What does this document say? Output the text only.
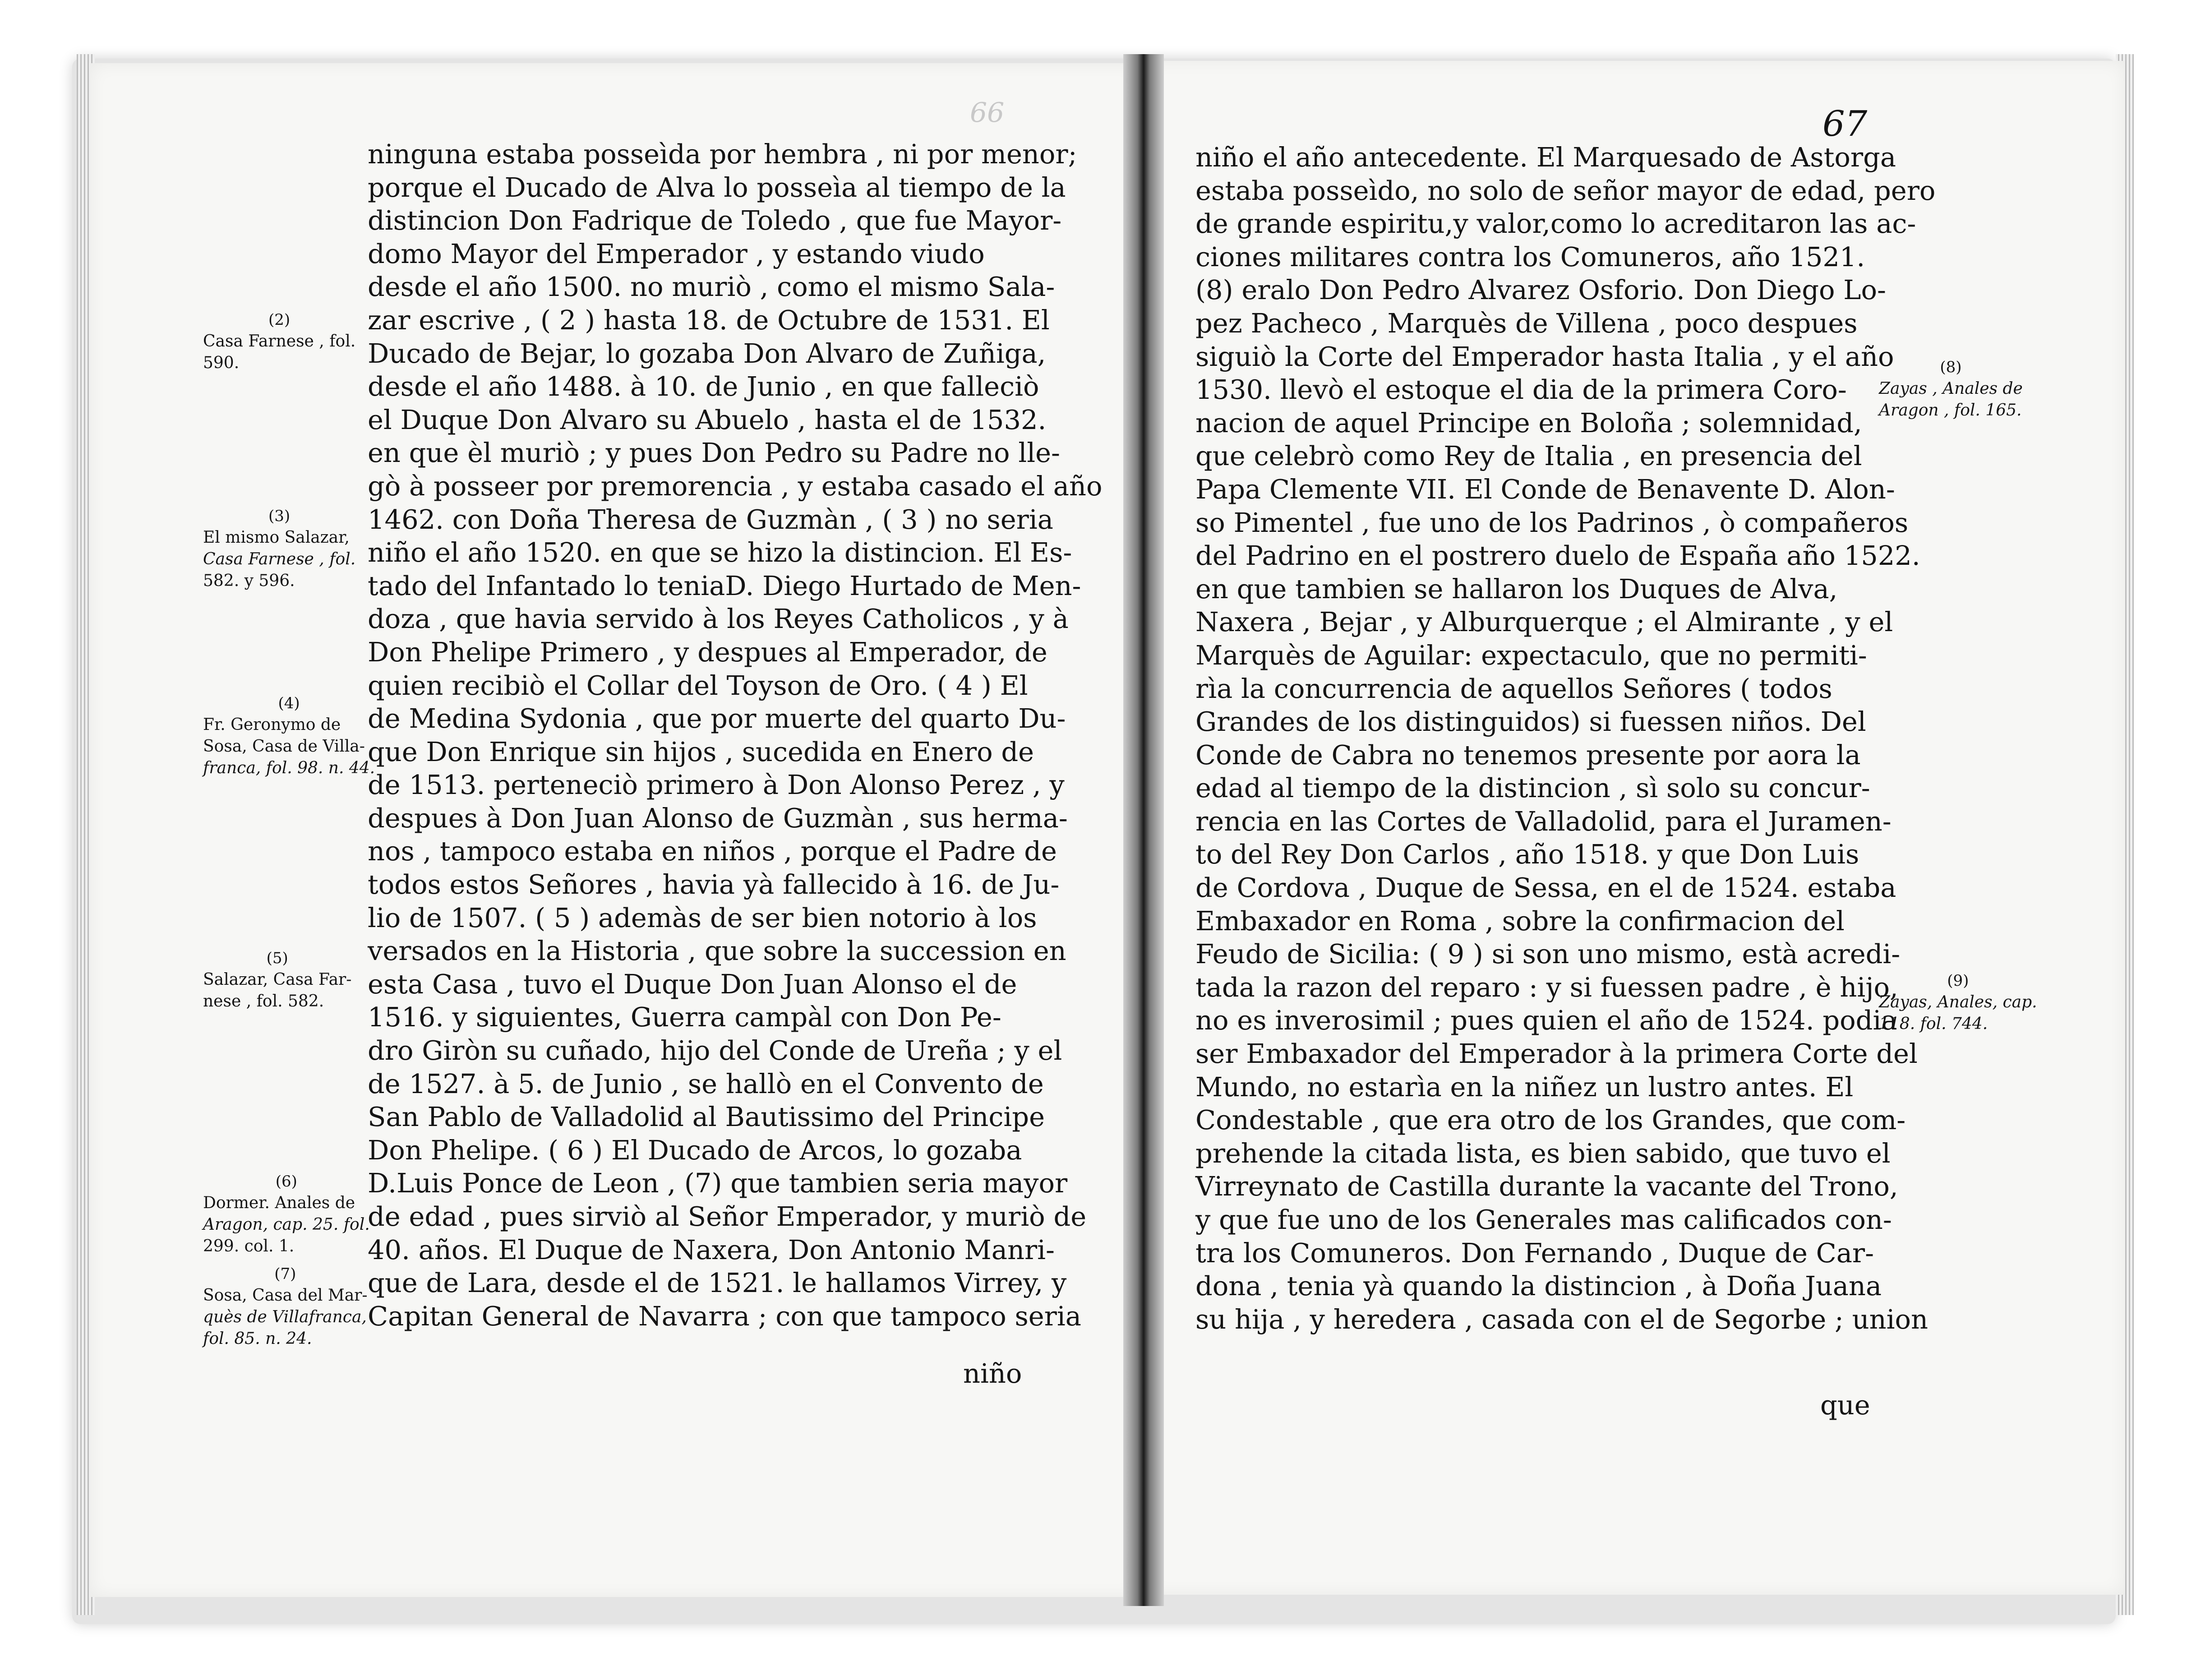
66
ninguna estaba posseìda por hembra , ni por menor;
porque el Ducado de Alva lo posseìa al tiempo de la
distincion Don Fadrique de Toledo , que fue Mayor-
domo Mayor del Emperador , y estando viudo
desde el año 1500. no muriò , como el mismo Sala-
zar escrive , ( 2 ) hasta 18. de Octubre de 1531. El
Ducado de Bejar, lo gozaba Don Alvaro de Zuñiga,
desde el año 1488. à 10. de Junio , en que falleciò
el Duque Don Alvaro su Abuelo , hasta el de 1532.
en que èl muriò ; y pues Don Pedro su Padre no lle-
gò à posseer por premorencia , y estaba casado el año
1462. con Doña Theresa de Guzmàn , ( 3 ) no seria
niño el año 1520. en que se hizo la distincion. El Es-
tado del Infantado lo teniaD. Diego Hurtado de Men-
doza , que havia servido à los Reyes Catholicos , y à
Don Phelipe Primero , y despues al Emperador, de
quien recibiò el Collar del Toyson de Oro. ( 4 ) El
de Medina Sydonia , que por muerte del quarto Du-
que Don Enrique sin hijos , sucedida en Enero de
de 1513. perteneciò primero à Don Alonso Perez , y
despues à Don Juan Alonso de Guzmàn , sus herma-
nos , tampoco estaba en niños , porque el Padre de
todos estos Señores , havia yà fallecido à 16. de Ju-
lio de 1507. ( 5 ) ademàs de ser bien notorio à los
versados en la Historia , que sobre la succession en
esta Casa , tuvo el Duque Don Juan Alonso el de
1516. y siguientes, Guerra campàl con Don Pe-
dro Giròn su cuñado, hijo del Conde de Ureña ; y el
de 1527. à 5. de Junio , se hallò en el Convento de
San Pablo de Valladolid al Bautissimo del Principe
Don Phelipe. ( 6 ) El Ducado de Arcos, lo gozaba
D.Luis Ponce de Leon , (7) que tambien seria mayor
de edad , pues sirviò al Señor Emperador, y muriò de
40. años. El Duque de Naxera, Don Antonio Manri-
que de Lara, desde el de 1521. le hallamos Virrey, y
Capitan General de Navarra ; con que tampoco seria
niño
(2)
Casa Farnese , fol.
590.
(3)
El mismo Salazar,
Casa Farnese , fol.
582. y 596.
(4)
Fr. Geronymo de
Sosa, Casa de Villa-
franca, fol. 98. n. 44.
(5)
Salazar, Casa Far-
nese , fol. 582.
(6)
Dormer. Anales de
Aragon, cap. 25. fol.
299. col. 1.
(7)
Sosa, Casa del Mar-
quès de Villafranca,
fol. 85. n. 24.
67
niño el año antecedente. El Marquesado de Astorga
estaba posseìdo, no solo de señor mayor de edad, pero
de grande espiritu,y valor,como lo acreditaron las ac-
ciones militares contra los Comuneros, año 1521.
(8) eralo Don Pedro Alvarez Osforio. Don Diego Lo-
pez Pacheco , Marquès de Villena , poco despues
siguiò la Corte del Emperador hasta Italia , y el año
1530. llevò el estoque el dia de la primera Coro-
nacion de aquel Principe en Boloña ; solemnidad,
que celebrò como Rey de Italia , en presencia del
Papa Clemente VII. El Conde de Benavente D. Alon-
so Pimentel , fue uno de los Padrinos , ò compañeros
del Padrino en el postrero duelo de España año 1522.
en que tambien se hallaron los Duques de Alva,
Naxera , Bejar , y Alburquerque ; el Almirante , y el
Marquès de Aguilar: expectaculo, que no permiti-
rìa la concurrencia de aquellos Señores ( todos
Grandes de los distinguidos) si fuessen niños. Del
Conde de Cabra no tenemos presente por aora la
edad al tiempo de la distincion , sì solo su concur-
rencia en las Cortes de Valladolid, para el Juramen-
to del Rey Don Carlos , año 1518. y que Don Luis
de Cordova , Duque de Sessa, en el de 1524. estaba
Embaxador en Roma , sobre la confirmacion del
Feudo de Sicilia: ( 9 ) si son uno mismo, està acredi-
tada la razon del reparo : y si fuessen padre , è hijo,
no es inverosimil ; pues quien el año de 1524. podia
ser Embaxador del Emperador à la primera Corte del
Mundo, no estarìa en la niñez un lustro antes. El
Condestable , que era otro de los Grandes, que com-
prehende la citada lista, es bien sabido, que tuvo el
Virreynato de Castilla durante la vacante del Trono,
y que fue uno de los Generales mas calificados con-
tra los Comuneros. Don Fernando , Duque de Car-
dona , tenia yà quando la distincion , à Doña Juana
su hija , y heredera , casada con el de Segorbe ; union
que
(8)
Zayas , Anales de
Aragon , fol. 165.
(9)
Zayas, Anales, cap.
118. fol. 744.
